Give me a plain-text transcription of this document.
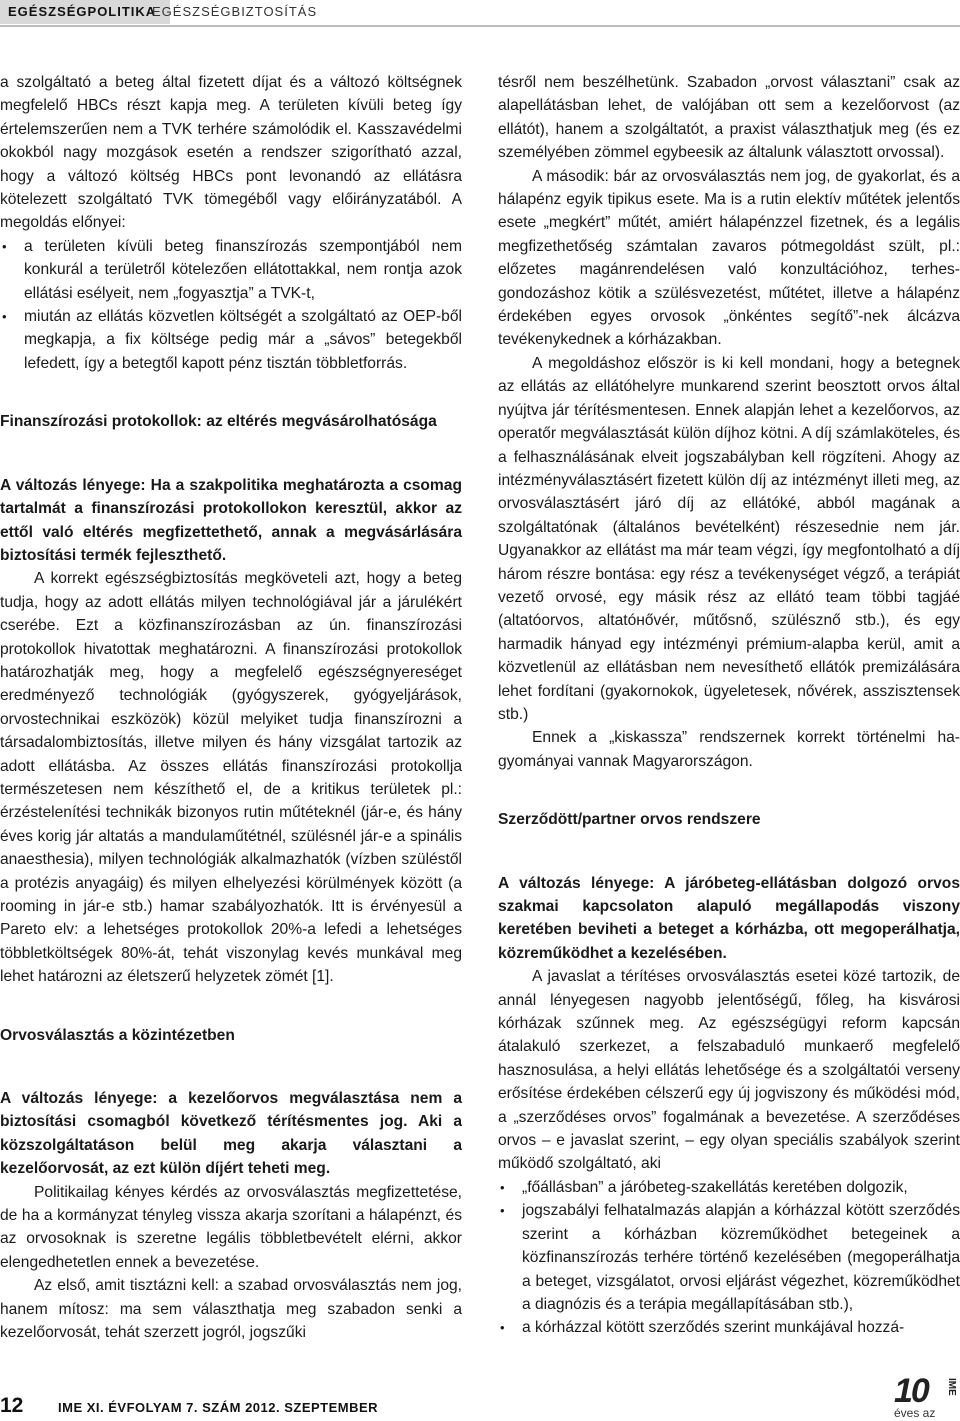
EGÉSZSÉGPOLITIKA
EGÉSZSÉGBIZTOSÍTÁS

a szolgáltató a beteg által fizetett díjat és a változó költségnek megfelelő HBCs részt kapja meg. A területen kívüli beteg így értelemszerűen nem a TVK terhére számolódik el. Kasszavédelmi okokból nagy mozgások esetén a rendszer szigorítható azzal, hogy a változó költség HBCs pont levonandó az ellátásra kötelezett szolgáltató TVK tömegéből vagy előirányzatából. A megoldás előnyei:

• a területen kívüli beteg finanszírozás szempontjából nem konkurál a területről kötelezően ellátottakkal, nem rontja azok ellátási esélyeit, nem „fogyasztja” a TVK-t,
• miután az ellátás közvetlen költségét a szolgáltató az OEP-ből megkapja, a fix költsége pedig már a „sávos” betegekből lefedett, így a betegtől kapott pénz tisztán többletforrás.

Finanszírozási protokollok: az eltérés megvásárolhatósága

A változás lényege: Ha a szakpolitika meghatározta a csomag tartalmát a finanszírozási protokollokon keresztül, akkor az ettől való eltérés megfizettethető, annak a megvásárlására biztosítási termék fejleszthető.

A korrekt egészségbiztosítás megköveteli azt, hogy a beteg tudja, hogy az adott ellátás milyen technológiával jár a járulékért cserébe. Ezt a közfinanszírozásban az ún. finanszírozási protokollok hivatottak meghatározni. A finanszírozási protokollok határozhatják meg, hogy a megfelelő egészségnyereséget eredményező technológiák (gyógyszerek, gyógyeljárások, orvostechnikai eszközök) közül melyiket tudja finanszírozni a társadalombiztosítás, illetve milyen és hány vizsgálat tartozik az adott ellátásba. Az összes ellátás finanszírozási protokollja természetesen nem készíthető el, de a kritikus területek pl.: érzéstelenítési technikák bizonyos rutin műtéteknél (jár-e, és hány éves korig jár altatás a mandulaműtétnél, szülésnél jár-e a spinális anaesthesia), milyen technológiák alkalmazhatók (vízben szüléstől a protézis anyagáig) és milyen elhelyezési körülmények között (a rooming in jár-e stb.) hamar szabályozhatók. Itt is érvényesül a Pareto elv: a lehetséges protokollok 20%-a lefedi a lehetséges többletköltségek 80%-át, tehát viszonylag kevés munkával meg lehet határozni az életszerű helyzetek zömét [1].

Orvosválasztás a közintézetben

A változás lényege: a kezelőorvos megválasztása nem a biztosítási csomagból következő térítésmentes jog. Aki a közszolgáltatáson belül meg akarja választani a kezelőorvosát, az ezt külön díjért teheti meg.

Politikailag kényes kérdés az orvosválasztás megfizettetése, de ha a kormányzat tényleg vissza akarja szorítani a hálapénzt, és az orvosoknak is szeretne legális többletbevételt elérni, akkor elengedhetetlen ennek a bevezetése.

Az első, amit tisztázni kell: a szabad orvosválasztás nem jog, hanem mítosz: ma sem választhatja meg szabadon senki a kezelőorvosát, tehát szerzett jogról, jogszűki

tésről nem beszélhetünk. Szabadon „orvost választani” csak az alapellátásban lehet, de valójában ott sem a kezelőorvost (az ellátót), hanem a szolgáltatót, a praxist választhatjuk meg (és ez személyében zömmel egybeesik az általunk választott orvossal).

A második: bár az orvosválasztás nem jog, de gyakorlat, és a hálapénz egyik tipikus esete. Ma is a rutin elektív műtétek jelentős esete „megkért” műtét, amiért hálapénzzel fizetnek, és a legális megfizethetőség számtalan zavaros pótmegoldást szült, pl.: előzetes magánrendelésen való konzultációhoz, terhes-gondozáshoz kötik a szülésvezetést, műtétet, illetve a hálapénz érdekében egyes orvosok „önkéntes segítő”-nek álcázva tevékenykednek a kórházakban.

A megoldáshoz először is ki kell mondani, hogy a betegnek az ellátás az ellátóhelyre munkarend szerint beosztott orvos által nyújtva jár térítésmentesen. Ennek alapján lehet a kezelőorvos, az operatőr megválasztását külön díjhoz kötni. A díj számlaköteles, és a felhasználásának elveit jogszabályban kell rögzíteni. Ahogy az intézményválasztásért fizetett külön díj az intézményt illeti meg, az orvosválasztásért járó díj az ellátóké, abból magának a szolgáltatónak (általános bevételként) részesednie nem jár. Ugyanakkor az ellátást ma már team végzi, így megfontolható a díj három részre bontása: egy rész a tevékenységet végző, a terápiát vezető orvosé, egy másik rész az ellátó team többi tagjáé (altatóorvos, altatóнővér, műtősnő, szülésznő stb.), és egy harmadik hányad egy intézményi prémium-alapba kerül, amit a közvetlenül az ellátásban nem nevesíthető ellátók premizálására lehet fordítani (gyakornokok, ügyeletesek, nővérek, asszisztensek stb.)

Ennek a „kiskassza” rendszernek korrekt történelmi hagyományai vannak Magyarországon.

Szerződött/partner orvos rendszere

A változás lényege: A járóbeteg-ellátásban dolgozó orvos szakmai kapcsolaton alapuló megállapodás viszony keretében beviheti a beteget a kórházba, ott megoperálhatja, közreműködhet a kezelésében.

A javaslat a térítéses orvosválasztás esetei közé tartozik, de annál lényegesen nagyobb jelentőségű, főleg, ha kisvárosi kórházak szűnnek meg. Az egészségügyi reform kapcsán átalakuló szerkezet, a felszabaduló munkaerő megfelelő hasznosulása, a helyi ellátás lehetősége és a szolgáltatói verseny erősítése érdekében célszerű egy új jogviszony és működési mód, a „szerződéses orvos” fogalmának a bevezetése. A szerződéses orvos – e javaslat szerint, – egy olyan speciális szabályok szerint működő szolgáltató, aki

• „főállásban” a járóbeteg-szakellátás keretében dolgozik,
• jogszabályi felhatalmazás alapján a kórházzal kötött szerződés szerint a kórházban közreműködhet betegeinek a közfinanszírozás terhére történő kezelésében (megoperálhatja a beteget, vizsgálatot, orvosi eljárást végezhet, közreműködhet a diagnózis és a terápia megállapításában stb.),
• a kórházzal kötött szerződés szerint munkájával hozzá-
12	IME XI. ÉVFOLYAM 7. SZÁM 2012. SZEPTEMBER	10
éves az
IME
